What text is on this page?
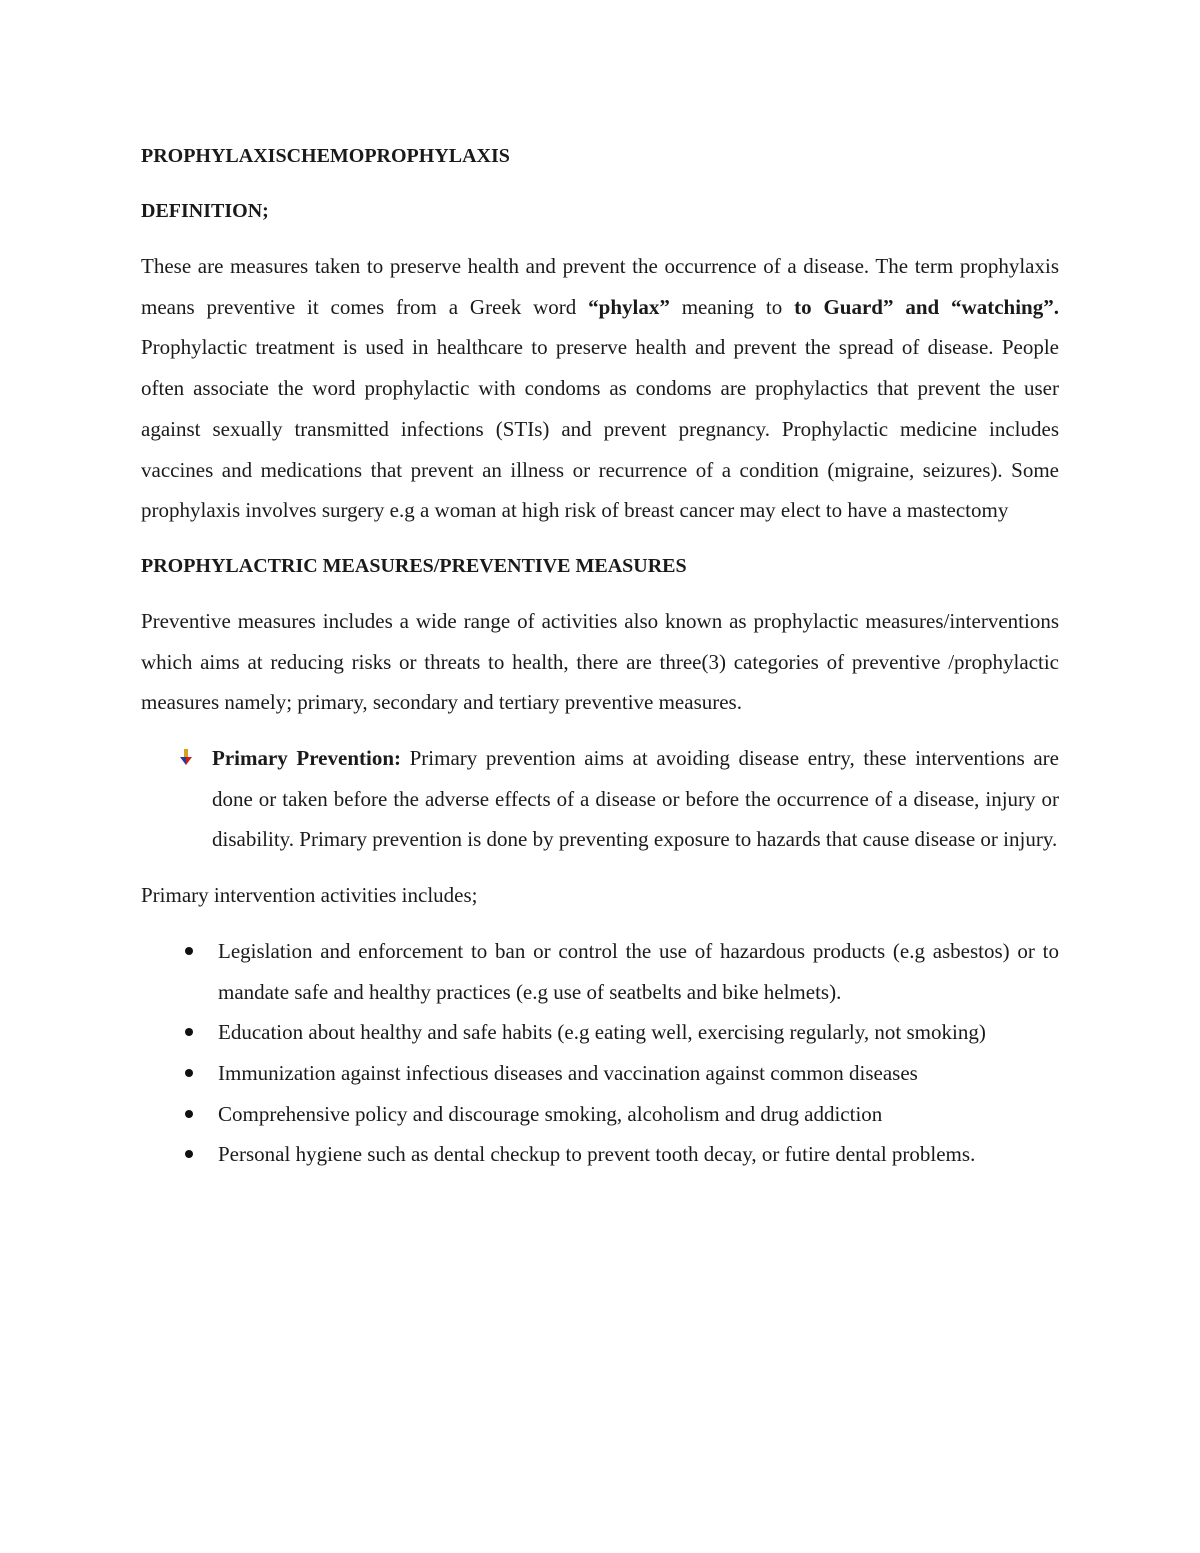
PROPHYLAXISCHEMOPROPHYLAXIS
DEFINITION;

These are measures taken to preserve health and prevent the occurrence of a disease. The term prophylaxis means preventive it comes from a Greek word “phylax” meaning to to Guard” and “watching”. Prophylactic treatment is used in healthcare to preserve health and prevent the spread of disease. People often associate the word prophylactic with condoms as condoms are prophylactics that prevent the user against sexually transmitted infections (STIs) and prevent pregnancy. Prophylactic medicine includes vaccines and medications that prevent an illness or recurrence of a condition (migraine, seizures). Some prophylaxis involves surgery e.g a woman at high risk of breast cancer may elect to have a mastectomy

PROPHYLACTRIC MEASURES/PREVENTIVE MEASURES

Preventive measures includes a wide range of activities also known as prophylactic measures/interventions which aims at reducing risks or threats to health, there are three(3) categories of preventive /prophylactic measures namely; primary, secondary and tertiary preventive measures.

Primary Prevention: Primary prevention aims at avoiding disease entry, these interventions are done or taken before the adverse effects of a disease or before the occurrence of a disease, injury or disability. Primary prevention is done by preventing exposure to hazards that cause disease or injury.

Primary intervention activities includes;

Legislation and enforcement to ban or control the use of hazardous products (e.g asbestos) or to mandate safe and healthy practices (e.g use of seatbelts and bike helmets).
Education about healthy and safe habits (e.g eating well, exercising regularly, not smoking)
Immunization against infectious diseases and vaccination against common diseases
Comprehensive policy and discourage smoking, alcoholism and drug addiction
Personal hygiene such as dental checkup to prevent tooth decay, or futire dental problems.
